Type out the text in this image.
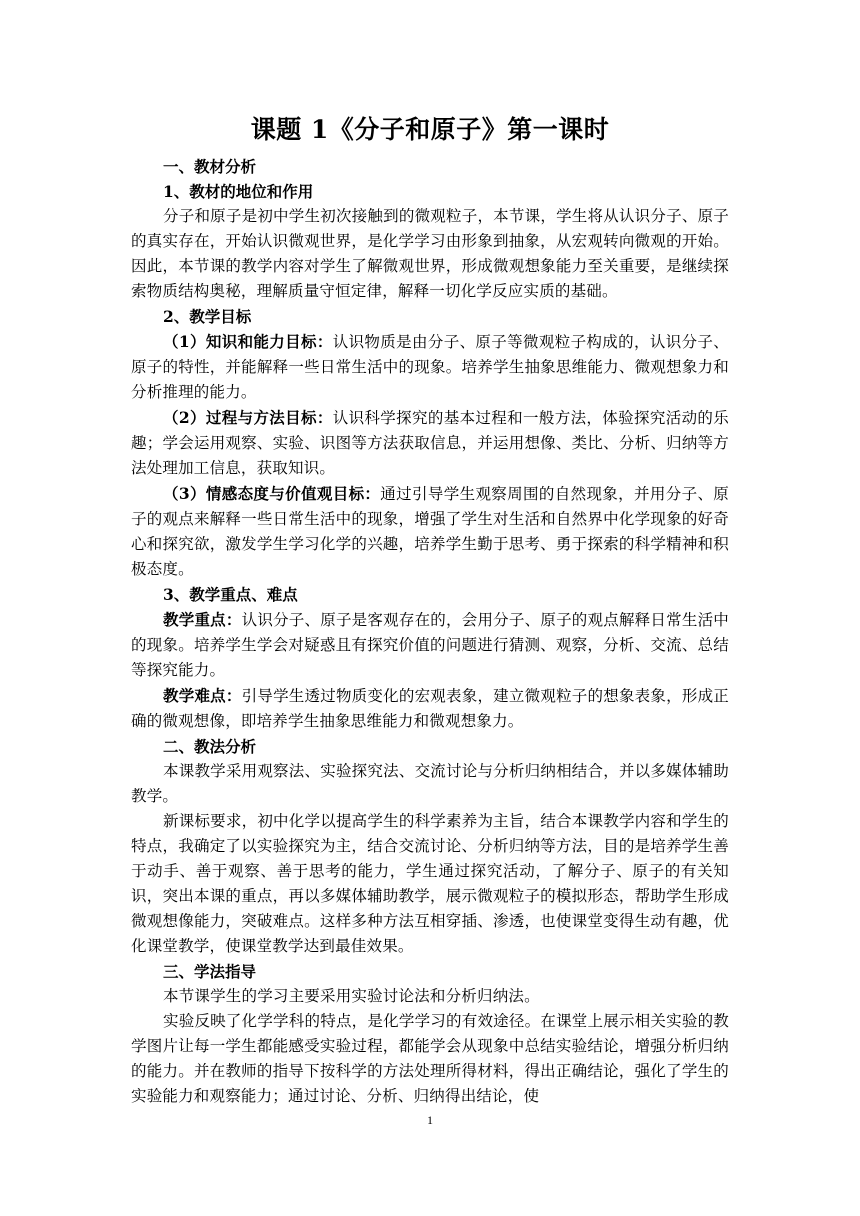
课题 1《分子和原子》第一课时
一、教材分析
1、教材的地位和作用

分子和原子是初中学生初次接触到的微观粒子，本节课，学生将从认识分子、原子的真实存在，开始认识微观世界，是化学学习由形象到抽象，从宏观转向微观的开始。因此，本节课的教学内容对学生了解微观世界，形成微观想象能力至关重要，是继续探索物质结构奥秘，理解质量守恒定律，解释一切化学反应实质的基础。

2、教学目标

（1）知识和能力目标：认识物质是由分子、原子等微观粒子构成的，认识分子、原子的特性，并能解释一些日常生活中的现象。培养学生抽象思维能力、微观想象力和分析推理的能力。

（2）过程与方法目标：认识科学探究的基本过程和一般方法，体验探究活动的乐趣；学会运用观察、实验、识图等方法获取信息，并运用想像、类比、分析、归纳等方法处理加工信息，获取知识。

（3）情感态度与价值观目标：通过引导学生观察周围的自然现象，并用分子、原子的观点来解释一些日常生活中的现象，增强了学生对生活和自然界中化学现象的好奇心和探究欲，激发学生学习化学的兴趣，培养学生勤于思考、勇于探索的科学精神和积极态度。

3、教学重点、难点

教学重点：认识分子、原子是客观存在的，会用分子、原子的观点解释日常生活中的现象。培养学生学会对疑惑且有探究价值的问题进行猜测、观察，分析、交流、总结等探究能力。

教学难点：引导学生透过物质变化的宏观表象，建立微观粒子的想象表象，形成正确的微观想像，即培养学生抽象思维能力和微观想象力。

二、教法分析

本课教学采用观察法、实验探究法、交流讨论与分析归纳相结合，并以多媒体辅助教学。

新课标要求，初中化学以提高学生的科学素养为主旨，结合本课教学内容和学生的特点，我确定了以实验探究为主，结合交流讨论、分析归纳等方法，目的是培养学生善于动手、善于观察、善于思考的能力，学生通过探究活动，了解分子、原子的有关知识，突出本课的重点，再以多媒体辅助教学，展示微观粒子的模拟形态，帮助学生形成微观想像能力，突破难点。这样多种方法互相穿插、渗透，也使课堂变得生动有趣，优化课堂教学，使课堂教学达到最佳效果。

三、学法指导

本节课学生的学习主要采用实验讨论法和分析归纳法。

实验反映了化学学科的特点，是化学学习的有效途径。在课堂上展示相关实验的教学图片让每一学生都能感受实验过程，都能学会从现象中总结实验结论，增强分析归纳的能力。并在教师的指导下按科学的方法处理所得材料，得出正确结论，强化了学生的实验能力和观察能力；通过讨论、分析、归纳得出结论，使

1
